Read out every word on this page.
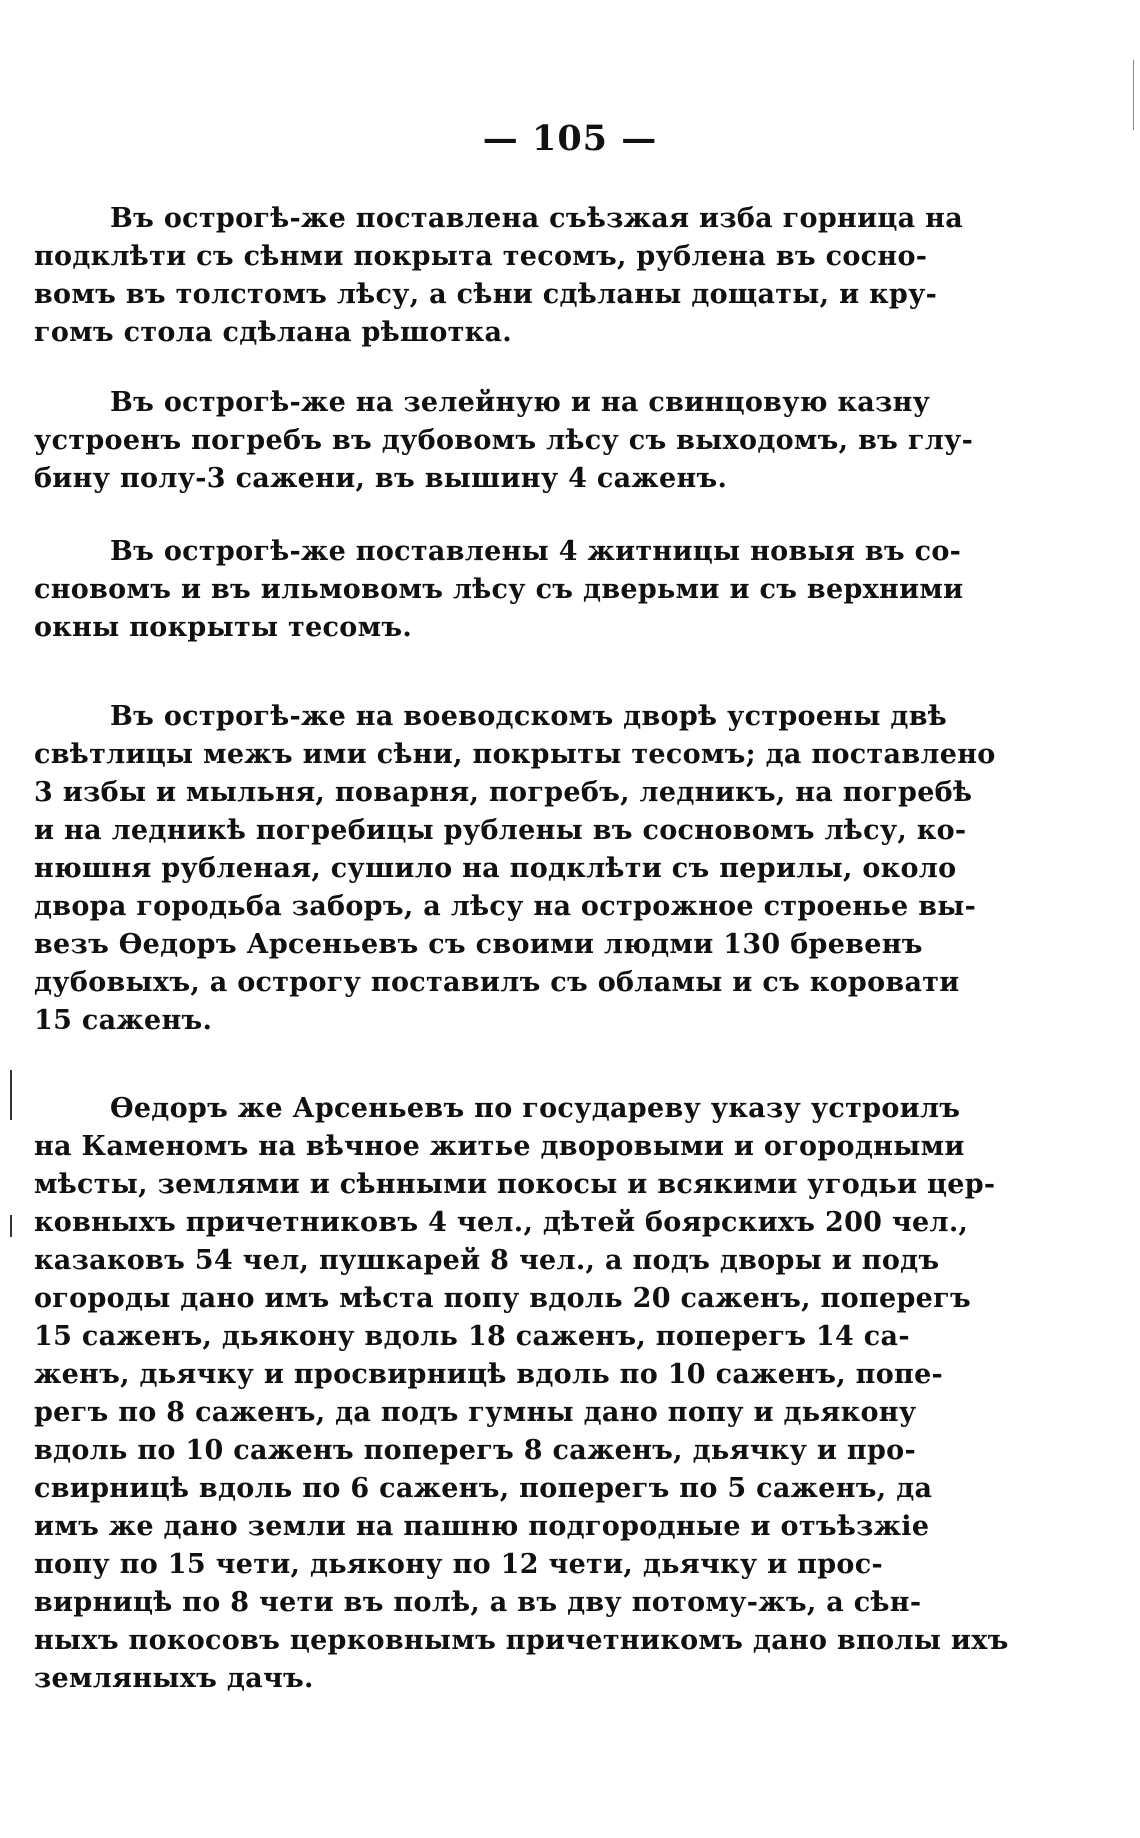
— 105 —
Въ острогѣ-же поставлена съѣзжая изба горница на
подклѣти съ сѣнми покрыта тесомъ, рублена въ сосно-
вомъ въ толстомъ лѣсу, а сѣни сдѣланы дощаты, и кру-
гомъ стола сдѣлана рѣшотка.
Въ острогѣ-же на зелейную и на свинцовую казну
устроенъ погребъ въ дубовомъ лѣсу съ выходомъ, въ глу-
бину полу-3 сажени, въ вышину 4 саженъ.
Въ острогѣ-же поставлены 4 житницы новыя въ со-
сновомъ и въ ильмовомъ лѣсу съ дверьми и съ верхними
окны покрыты тесомъ.
Въ острогѣ-же на воеводскомъ дворѣ устроены двѣ
свѣтлицы межъ ими сѣни, покрыты тесомъ; да поставлено
3 избы и мыльня, поварня, погребъ, ледникъ, на погребѣ
и на ледникѣ погребицы рублены въ сосновомъ лѣсу, ко-
нюшня рубленая, сушило на подклѣти съ перилы, около
двора городьба заборъ, а лѣсу на острожное строенье вы-
везъ Ѳедоръ Арсеньевъ съ своими людми 130 бревенъ
дубовыхъ, а острогу поставилъ съ обламы и съ коровати
15 саженъ.
Ѳедоръ же Арсеньевъ по государеву указу устроилъ
на Каменомъ на вѣчное житье дворовыми и огородными
мѣсты, землями и сѣнными покосы и всякими угодьи цер-
ковныхъ причетниковъ 4 чел., дѣтей боярскихъ 200 чел.,
казаковъ 54 чел, пушкарей 8 чел., а подъ дворы и подъ
огороды дано имъ мѣста попу вдоль 20 саженъ, поперегъ
15 саженъ, дьякону вдоль 18 саженъ, поперегъ 14 са-
женъ, дьячку и просвирницѣ вдоль по 10 саженъ, попе-
регъ по 8 саженъ, да подъ гумны дано попу и дьякону
вдоль по 10 саженъ поперегъ 8 саженъ, дьячку и про-
свирницѣ вдоль по 6 саженъ, поперегъ по 5 саженъ, да
имъ же дано земли на пашню подгородные и отъѣзжіе
попу по 15 чети, дьякону по 12 чети, дьячку и прос-
вирницѣ по 8 чети въ полѣ, а въ дву потому-жъ, а сѣн-
ныхъ покосовъ церковнымъ причетникомъ дано вполы ихъ
земляныхъ дачъ.
